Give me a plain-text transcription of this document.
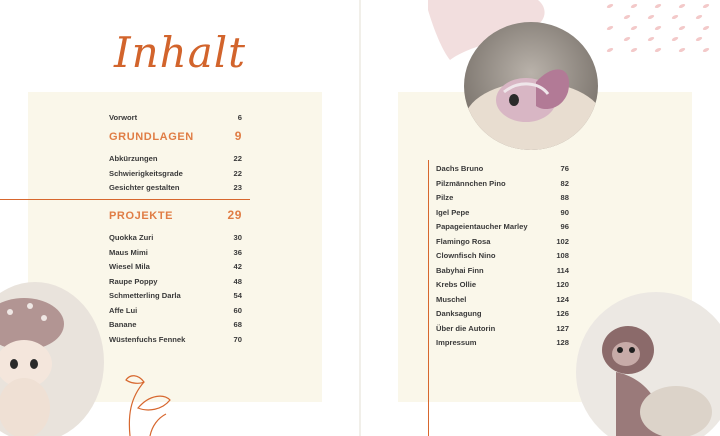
Inhalt
Vorwort	6
GRUNDLAGEN	9
Abkürzungen	22
Schwierigkeitsgrade	22
Gesichter gestalten	23
PROJEKTE	29
Quokka Zuri	30
Maus Mimi	36
Wiesel Mila	42
Raupe Poppy	48
Schmetterling Darla	54
Affe Lui	60
Banane	68
Wüstenfuchs Fennek	70
Dachs Bruno	76
Pilzmännchen Pino	82
Pilze	88
Igel Pepe	90
Papageientaucher Marley	96
Flamingo Rosa	102
Clownfisch Nino	108
Babyhai Finn	114
Krebs Ollie	120
Muschel	124
Danksagung	126
Über die Autorin	127
Impressum	128
